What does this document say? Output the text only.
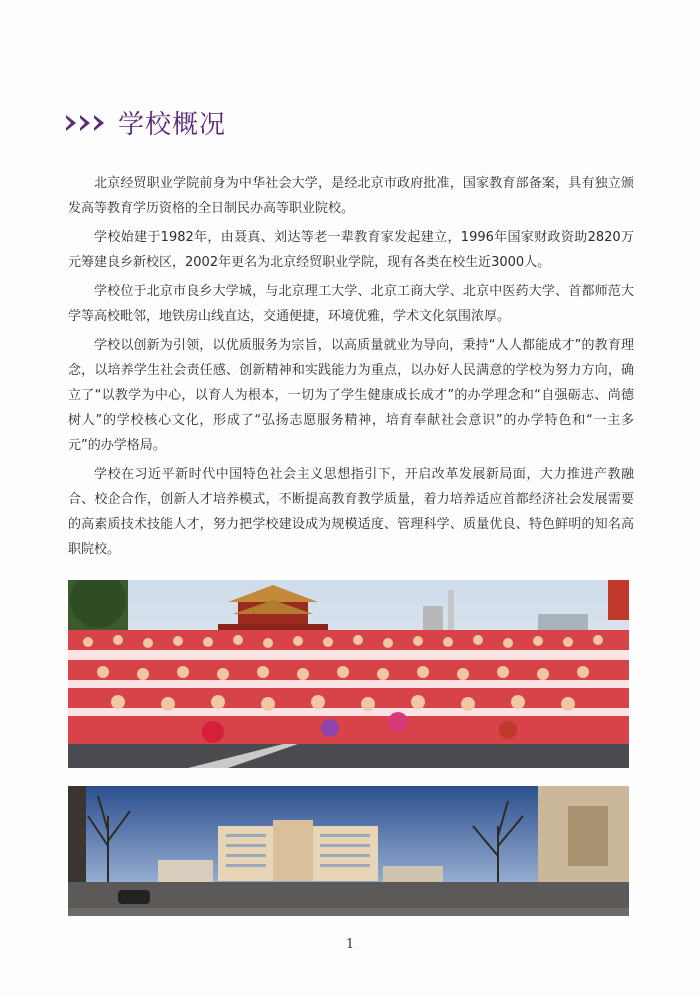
学校概况

北京经贸职业学院前身为中华社会大学，是经北京市政府批准，国家教育部备案，具有独立颁发高等教育学历资格的全日制民办高等职业院校。

学校始建于1982年，由聂真、刘达等老一辈教育家发起建立，1996年国家财政资助2820万元筹建良乡新校区，2002年更名为北京经贸职业学院，现有各类在校生近3000人。

学校位于北京市良乡大学城，与北京理工大学、北京工商大学、北京中医药大学、首都师范大学等高校毗邻，地铁房山线直达，交通便捷，环境优雅，学术文化氛围浓厚。

学校以创新为引领，以优质服务为宗旨，以高质量就业为导向，秉持“人人都能成才”的教育理念，以培养学生社会责任感、创新精神和实践能力为重点，以办好人民满意的学校为努力方向，确立了“以教学为中心，以育人为根本，一切为了学生健康成长成才”的办学理念和“自强砺志、尚德树人”的学校核心文化，形成了“弘扬志愿服务精神，培育奉献社会意识”的办学特色和“一主多元”的办学格局。

学校在习近平新时代中国特色社会主义思想指引下，开启改革发展新局面，大力推进产教融合、校企合作，创新人才培养模式，不断提高教育教学质量，着力培养适应首都经济社会发展需要的高素质技术技能人才，努力把学校建设成为规模适度、管理科学、质量优良、特色鲜明的知名高职院校。

1
